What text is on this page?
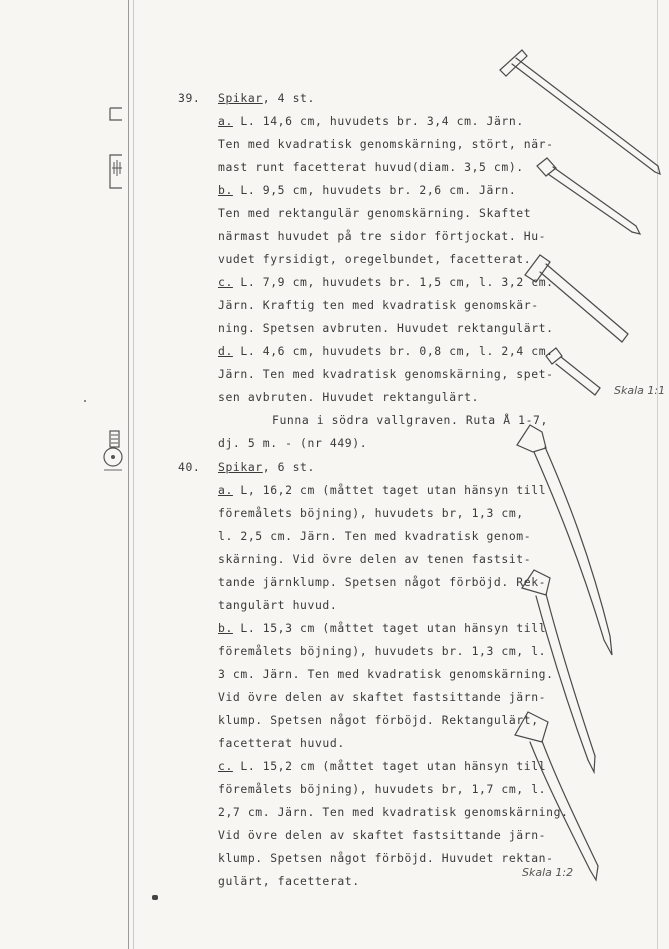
Skala 1:1
Skala 1:2
39. Spikar, 4 st.
a. L. 14,6 cm, huvudets br. 3,4 cm. Järn.
Ten med kvadratisk genomskärning, stört, när-
mast runt facetterat huvud(diam. 3,5 cm).
b. L. 9,5 cm, huvudets br. 2,6 cm. Järn.
Ten med rektangulär genomskärning. Skaftet
närmast huvudet på tre sidor förtjockat. Hu-
vudet fyrsidigt, oregelbundet, facetterat.
c. L. 7,9 cm, huvudets br. 1,5 cm, l. 3,2 cm.
Järn. Kraftig ten med kvadratisk genomskär-
ning. Spetsen avbruten. Huvudet rektangulärt.
d. L. 4,6 cm, huvudets br. 0,8 cm, l. 2,4 cm.
Järn. Ten med kvadratisk genomskärning, spet-
sen avbruten. Huvudet rektangulärt.
Funna i södra vallgraven. Ruta Å 1-7,
dj. 5 m. - (nr 449).
40. Spikar, 6 st.
a. L, 16,2 cm (måttet taget utan hänsyn till
föremålets böjning), huvudets br, 1,3 cm,
l. 2,5 cm. Järn. Ten med kvadratisk genom-
skärning. Vid övre delen av tenen fastsit-
tande järnklump. Spetsen något förböjd. Rek-
tangulärt huvud.
b. L. 15,3 cm (måttet taget utan hänsyn till
föremålets böjning), huvudets br. 1,3 cm, l.
3 cm. Järn. Ten med kvadratisk genomskärning.
Vid övre delen av skaftet fastsittande järn-
klump. Spetsen något förböjd. Rektangulärt,
facetterat huvud.
c. L. 15,2 cm (måttet taget utan hänsyn till
föremålets böjning), huvudets br, 1,7 cm, l.
2,7 cm. Järn. Ten med kvadratisk genomskärning.
Vid övre delen av skaftet fastsittande järn-
klump. Spetsen något förböjd. Huvudet rektan-
gulärt, facetterat.
